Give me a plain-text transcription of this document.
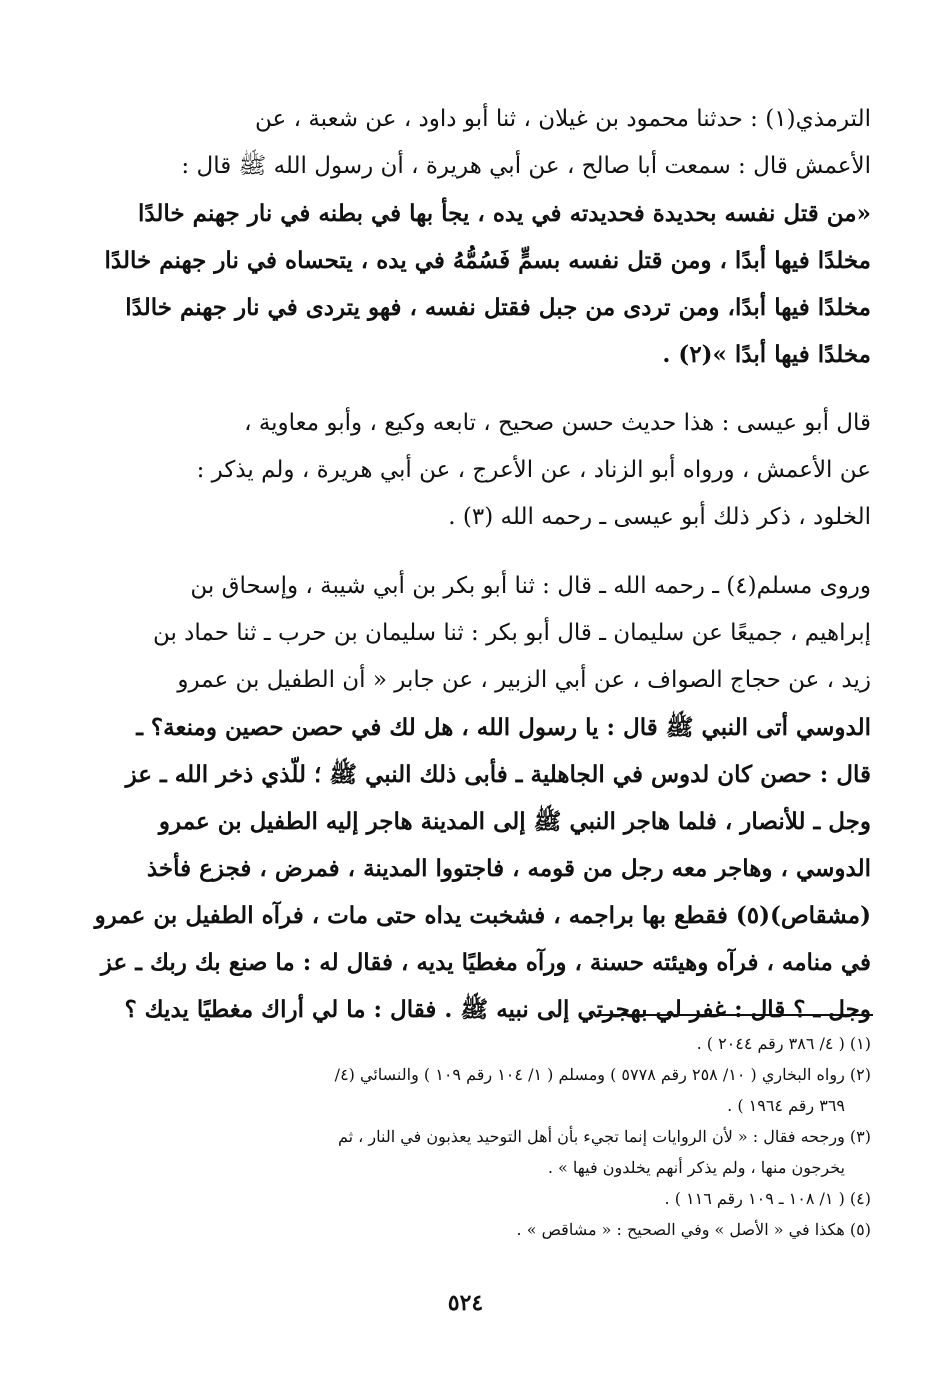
الترمذي(١) : حدثنا محمود بن غيلان ، ثنا أبو داود ، عن شعبة ، عن

الأعمش قال : سمعت أبا صالح ، عن أبي هريرة ، أن رسول الله ﷺ قال :

«من قتل نفسه بحديدة فحديدته في يده ، يجأ بها في بطنه في نار جهنم خالدًا

مخلدًا فيها أبدًا ، ومن قتل نفسه بسمٍّ فَسُمُّهُ في يده ، يتحساه في نار جهنم خالدًا

مخلدًا فيها أبدًا، ومن تردى من جبل فقتل نفسه ، فهو يتردى في نار جهنم خالدًا

مخلدًا فيها أبدًا »(٢) .

قال أبو عيسى : هذا حديث حسن صحيح ، تابعه وكيع ، وأبو معاوية ،

عن الأعمش ، ورواه أبو الزناد ، عن الأعرج ، عن أبي هريرة ، ولم يذكر :

الخلود ، ذكر ذلك أبو عيسى ـ رحمه الله (٣) .

وروى مسلم(٤) ـ رحمه الله ـ قال : ثنا أبو بكر بن أبي شيبة ، وإسحاق بن

إبراهيم ، جميعًا عن سليمان ـ قال أبو بكر : ثنا سليمان بن حرب ـ ثنا حماد بن

زيد ، عن حجاج الصواف ، عن أبي الزبير ، عن جابر « أن الطفيل بن عمرو

الدوسي أتى النبي ﷺ قال : يا رسول الله ، هل لك في حصن حصين ومنعة؟ ـ

قال : حصن كان لدوس في الجاهلية ـ فأبى ذلك النبي ﷺ ؛ للّذي ذخر الله ـ عز

وجل ـ للأنصار ، فلما هاجر النبي ﷺ إلى المدينة هاجر إليه الطفيل بن عمرو

الدوسي ، وهاجر معه رجل من قومه ، فاجتووا المدينة ، فمرض ، فجزع فأخذ

(مشقاص)(٥) فقطع بها براجمه ، فشخبت يداه حتى مات ، فرآه الطفيل بن عمرو

في منامه ، فرآه وهيئته حسنة ، ورآه مغطيًا يديه ، فقال له : ما صنع بك ربك ـ عز

وجل ـ ؟ قال : غفر لي بهجرتي إلى نبيه ﷺ . فقال : ما لي أراك مغطيًا يديك ؟

(١) ( ٤/ ٣٨٦ رقم ٢٠٤٤ ) .

(٢) رواه البخاري ( ١٠/ ٢٥٨ رقم ٥٧٧٨ ) ومسلم ( ١/ ١٠٤ رقم ١٠٩ ) والنسائي (٤/

٣٦٩ رقم ١٩٦٤ ) .

(٣) ورجحه فقال : « لأن الروايات إنما تجيء بأن أهل التوحيد يعذبون في النار ، ثم

يخرجون منها ، ولم يذكر أنهم يخلدون فيها » .

(٤) ( ١/ ١٠٨ ـ ١٠٩ رقم ١١٦ ) .

(٥) هكذا في « الأصل » وفي الصحيح : « مشاقص » .

٥٢٤
